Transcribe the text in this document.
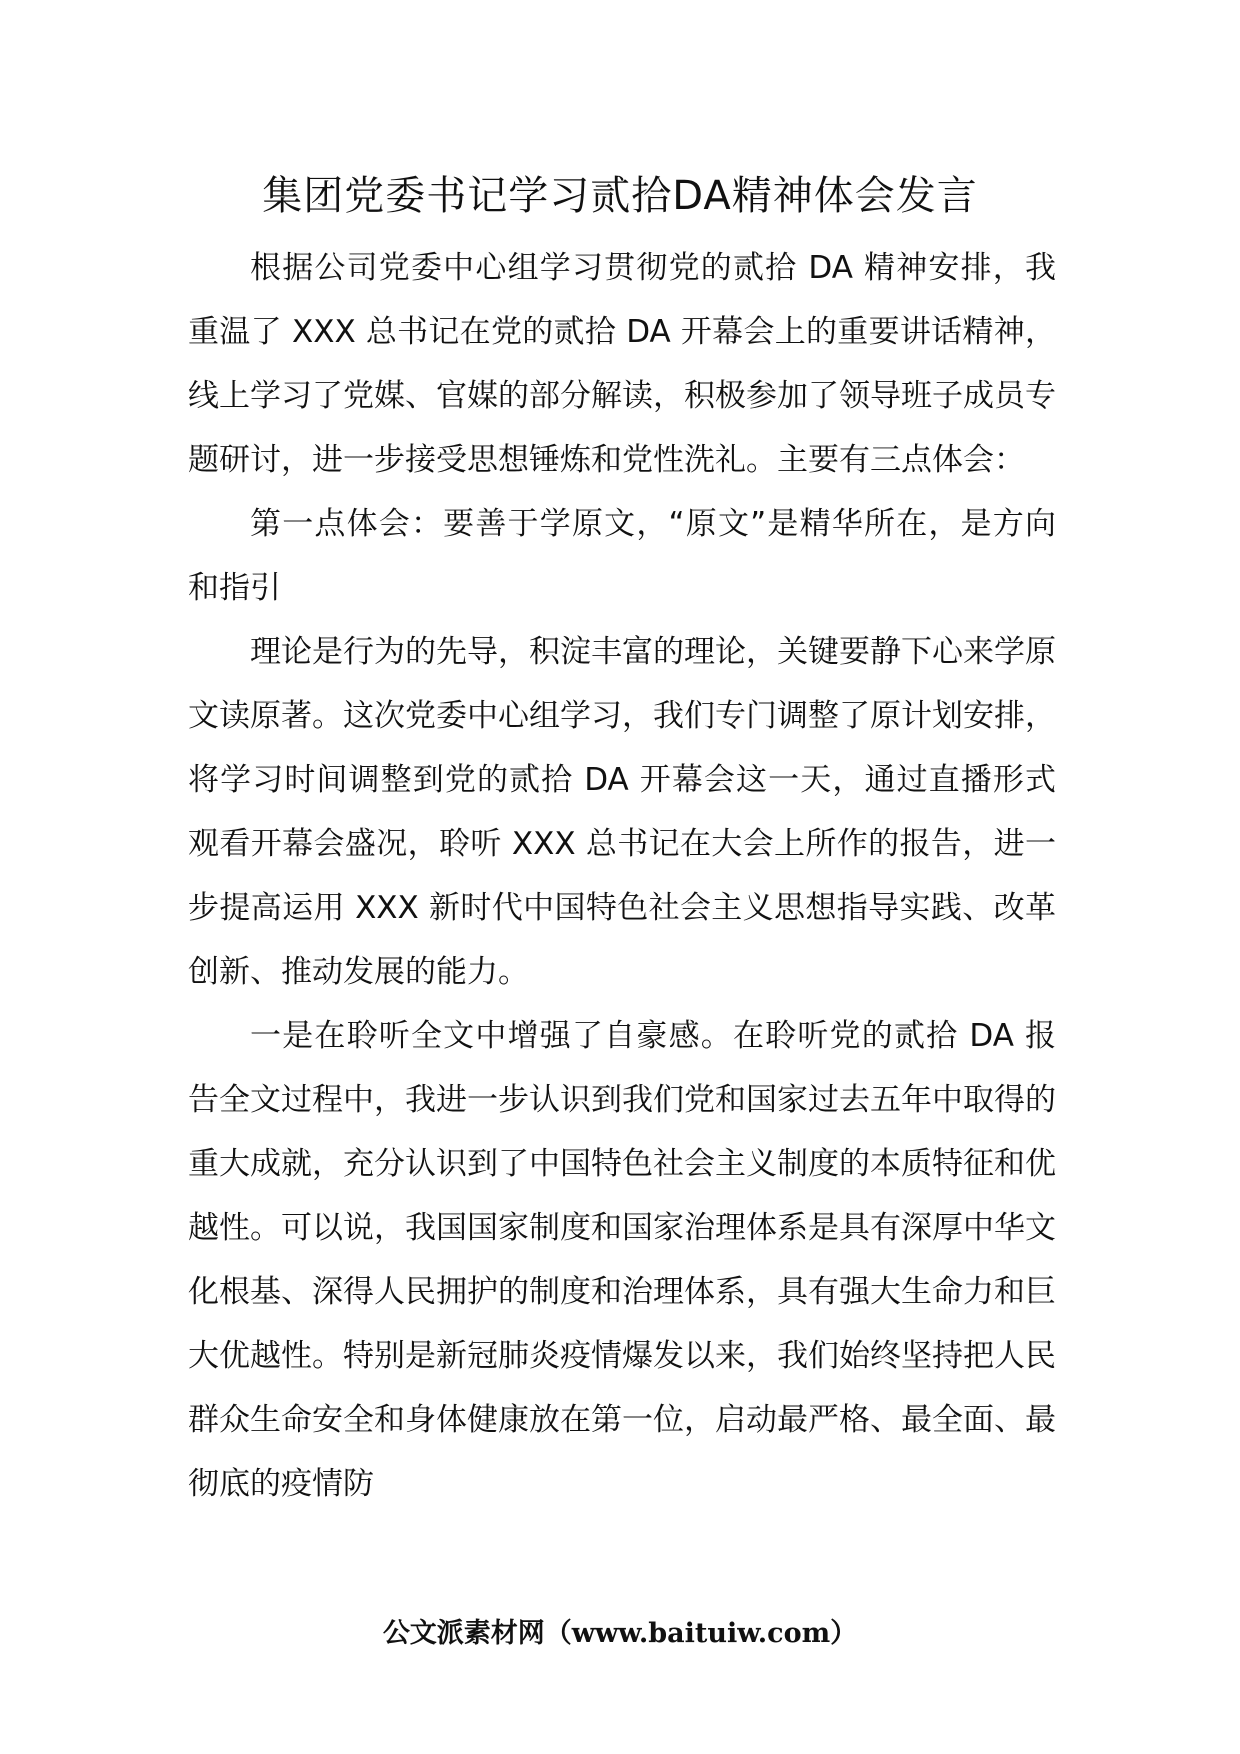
集团党委书记学习贰拾DA精神体会发言

根据公司党委中心组学习贯彻党的贰拾 DA 精神安排，我重温了 XXX 总书记在党的贰拾 DA 开幕会上的重要讲话精神，线上学习了党媒、官媒的部分解读，积极参加了领导班子成员专题研讨，进一步接受思想锤炼和党性洗礼。主要有三点体会：

第一点体会：要善于学原文，“原文”是精华所在，是方向和指引

理论是行为的先导，积淀丰富的理论，关键要静下心来学原文读原著。这次党委中心组学习，我们专门调整了原计划安排，将学习时间调整到党的贰拾 DA 开幕会这一天，通过直播形式观看开幕会盛况，聆听 XXX 总书记在大会上所作的报告，进一步提高运用 XXX 新时代中国特色社会主义思想指导实践、改革创新、推动发展的能力。

一是在聆听全文中增强了自豪感。在聆听党的贰拾 DA 报告全文过程中，我进一步认识到我们党和国家过去五年中取得的重大成就，充分认识到了中国特色社会主义制度的本质特征和优越性。可以说，我国国家制度和国家治理体系是具有深厚中华文化根基、深得人民拥护的制度和治理体系，具有强大生命力和巨大优越性。特别是新冠肺炎疫情爆发以来，我们始终坚持把人民群众生命安全和身体健康放在第一位，启动最严格、最全面、最彻底的疫情防

公文派素材网（www.baituiw.com）
